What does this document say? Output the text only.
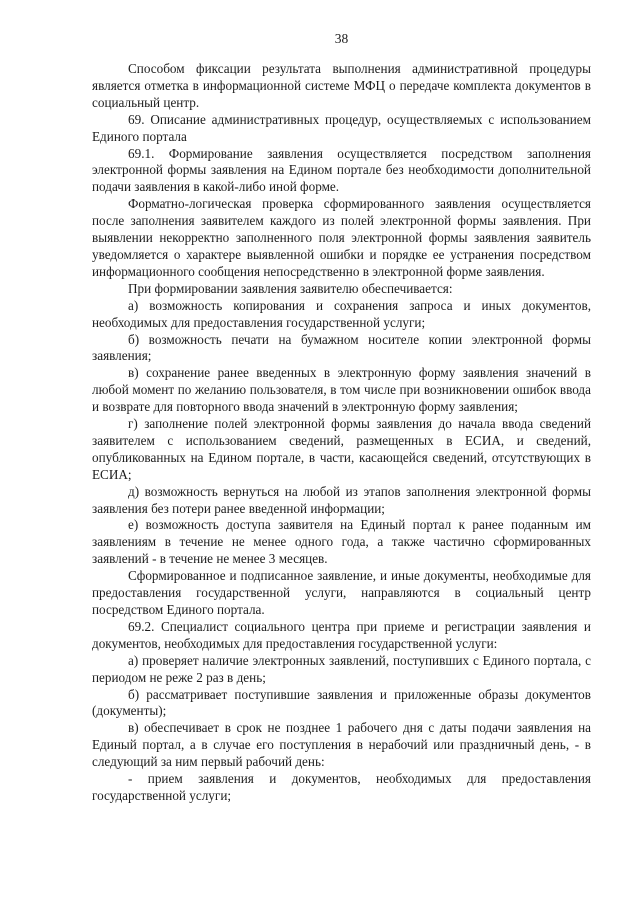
38

Способом фиксации результата выполнения административной процедуры является отметка в информационной системе МФЦ о передаче комплекта документов в социальный центр.

69. Описание административных процедур, осуществляемых с использованием Единого портала

69.1. Формирование заявления осуществляется посредством заполнения электронной формы заявления на Едином портале без необходимости дополнительной подачи заявления в какой-либо иной форме.

Форматно-логическая проверка сформированного заявления осуществляется после заполнения заявителем каждого из полей электронной формы заявления. При выявлении некорректно заполненного поля электронной формы заявления заявитель уведомляется о характере выявленной ошибки и порядке ее устранения посредством информационного сообщения непосредственно в электронной форме заявления.

При формировании заявления заявителю обеспечивается:

а) возможность копирования и сохранения запроса и иных документов, необходимых для предоставления государственной услуги;

б) возможность печати на бумажном носителе копии электронной формы заявления;

в) сохранение ранее введенных в электронную форму заявления значений в любой момент по желанию пользователя, в том числе при возникновении ошибок ввода и возврате для повторного ввода значений в электронную форму заявления;

г) заполнение полей электронной формы заявления до начала ввода сведений заявителем с использованием сведений, размещенных в ЕСИА, и сведений, опубликованных на Едином портале, в части, касающейся сведений, отсутствующих в ЕСИА;

д) возможность вернуться на любой из этапов заполнения электронной формы заявления без потери ранее введенной информации;

е) возможность доступа заявителя на Единый портал к ранее поданным им заявлениям в течение не менее одного года, а также частично сформированных заявлений - в течение не менее 3 месяцев.

Сформированное и подписанное заявление, и иные документы, необходимые для предоставления государственной услуги, направляются в социальный центр посредством Единого портала.

69.2. Специалист социального центра при приеме и регистрации заявления и документов, необходимых для предоставления государственной услуги:

а) проверяет наличие электронных заявлений, поступивших с Единого портала, с периодом не реже 2 раз в день;

б) рассматривает поступившие заявления и приложенные образы документов (документы);

в) обеспечивает в срок не позднее 1 рабочего дня с даты подачи заявления на Единый портал, а в случае его поступления в нерабочий или праздничный день, - в следующий за ним первый рабочий день:

- прием заявления и документов, необходимых для предоставления государственной услуги;
